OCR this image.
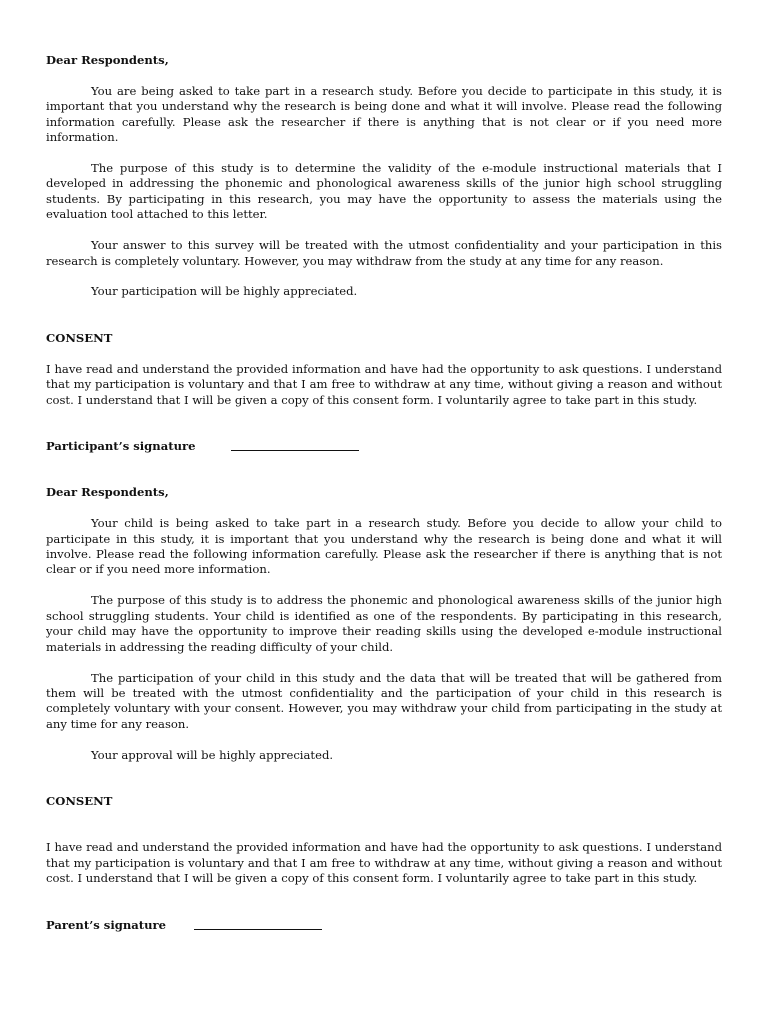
Dear Respondents,

You are being asked to take part in a research study. Before you decide to participate in this study, it is important that you understand why the research is being done and what it will involve. Please read the following information carefully. Please ask the researcher if there is anything that is not clear or if you need more information.

The purpose of this study is to determine the validity of the e-module instructional materials that I developed in addressing the phonemic and phonological awareness skills of the junior high school struggling students. By participating in this research, you may have the opportunity to assess the materials using the evaluation tool attached to this letter.

Your answer to this survey will be treated with the utmost confidentiality and your participation in this research is completely voluntary. However, you may withdraw from the study at any time for any reason.

Your participation will be highly appreciated.

CONSENT

I have read and understand the provided information and have had the opportunity to ask questions. I understand that my participation is voluntary and that I am free to withdraw at any time, without giving a reason and without cost. I understand that I will be given a copy of this consent form. I voluntarily agree to take part in this study.

Participant’s signature
Dear Respondents,

Your child is being asked to take part in a research study. Before you decide to allow your child to participate in this study, it is important that you understand why the research is being done and what it will involve. Please read the following information carefully. Please ask the researcher if there is anything that is not clear or if you need more information.

The purpose of this study is to address the phonemic and phonological awareness skills of the junior high school struggling students. Your child is identified as one of the respondents. By participating in this research, your child may have the opportunity to improve their reading skills using the developed e-module instructional materials in addressing the reading difficulty of your child.

The participation of your child in this study and the data that will be treated that will be gathered from them will be treated with the utmost confidentiality and the participation of your child in this research is completely voluntary with your consent. However, you may withdraw your child from participating in the study at any time for any reason.

Your approval will be highly appreciated.

CONSENT

I have read and understand the provided information and have had the opportunity to ask questions. I understand that my participation is voluntary and that I am free to withdraw at any time, without giving a reason and without cost. I understand that I will be given a copy of this consent form. I voluntarily agree to take part in this study.

Parent’s signature
